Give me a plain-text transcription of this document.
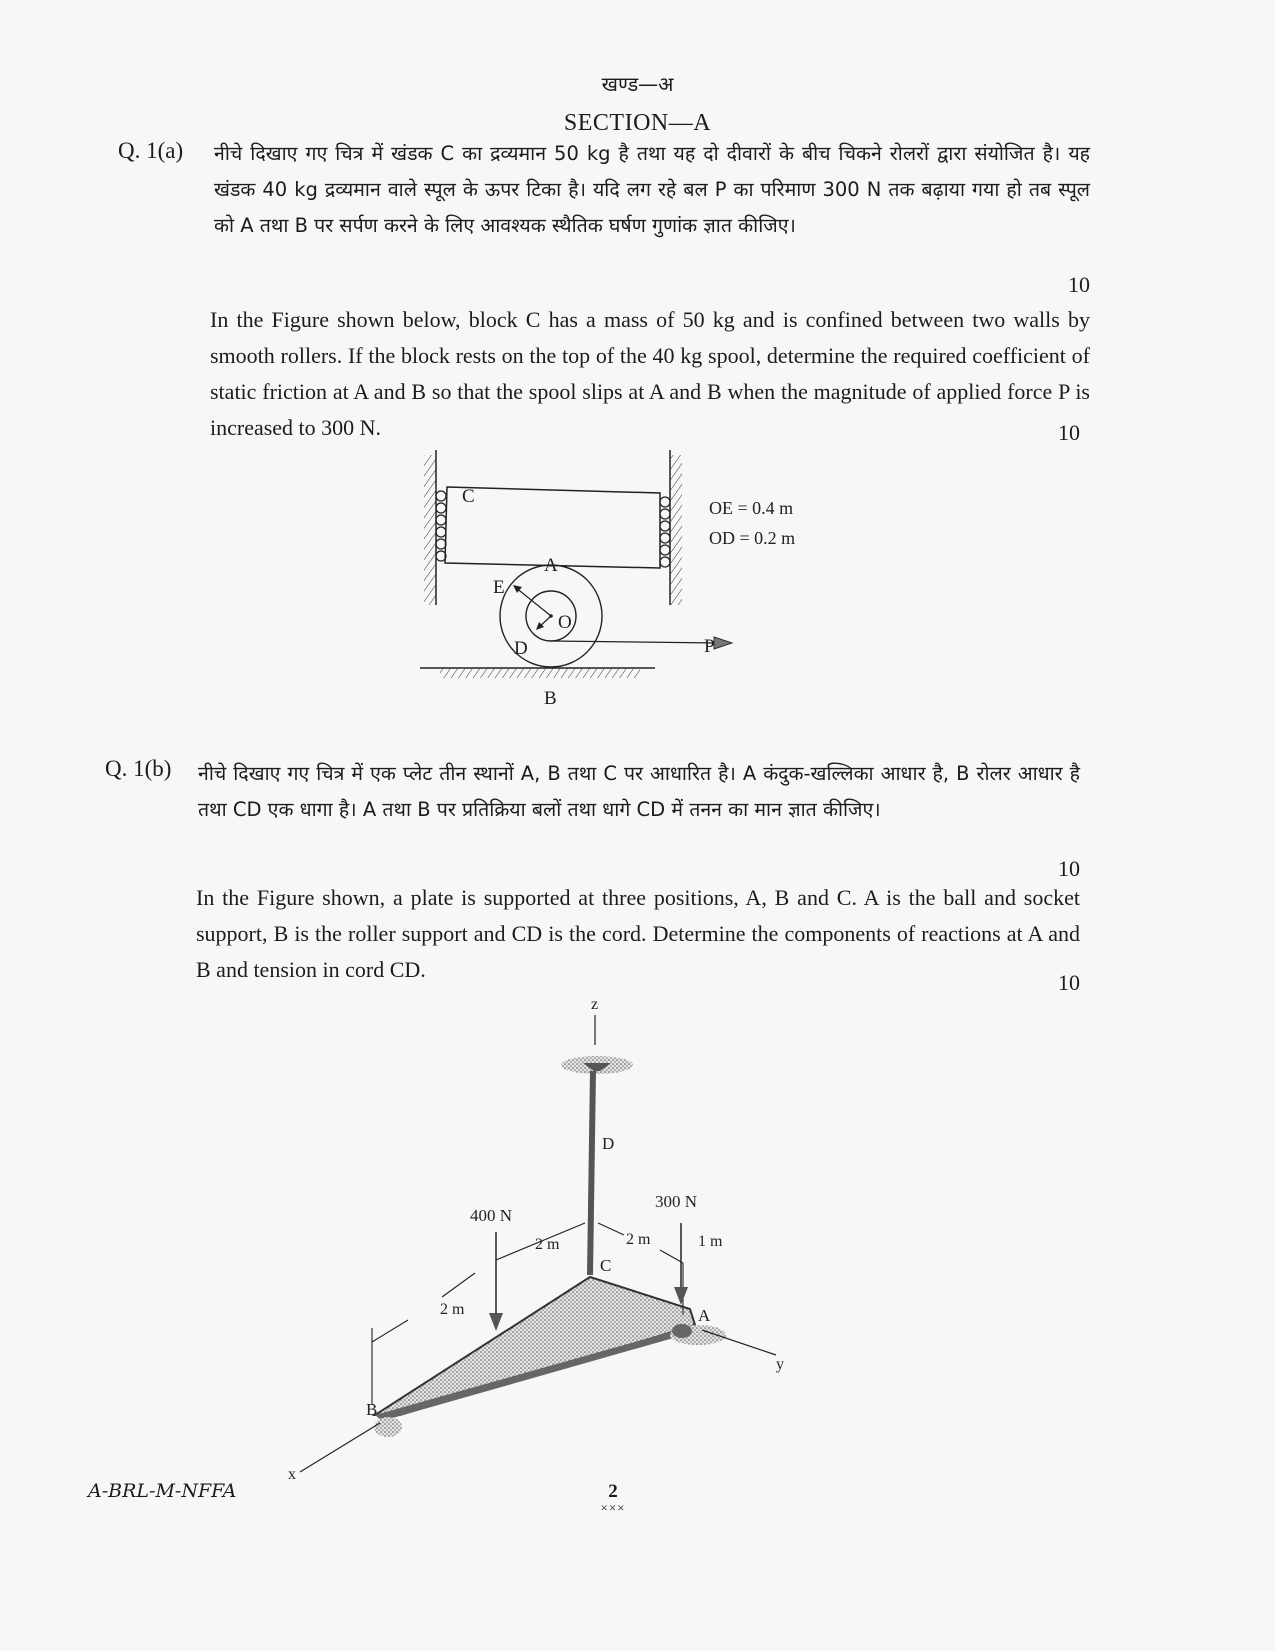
खण्ड—अ
SECTION—A
Q. 1(a) नीचे दिखाए गए चित्र में खंडक C का द्रव्यमान 50 kg है तथा यह दो दीवारों के बीच चिकने रोलरों द्वारा संयोजित है। यह खंडक 40 kg द्रव्यमान वाले स्पूल के ऊपर टिका है। यदि लग रहे बल P का परिमाण 300 N तक बढ़ाया गया हो तब स्पूल को A तथा B पर सर्पण करने के लिए आवश्यक स्थैतिक घर्षण गुणांक ज्ञात कीजिए।
10
In the Figure shown below, block C has a mass of 50 kg and is confined between two walls by smooth rollers. If the block rests on the top of the 40 kg spool, determine the required coefficient of static friction at A and B so that the spool slips at A and B when the magnitude of applied force P is increased to 300 N.	10
C
A
E
O
D	P
B
OE = 0.4 m
OD = 0.2 m
Q. 1(b) नीचे दिखाए गए चित्र में एक प्लेट तीन स्थानों A, B तथा C पर आधारित है। A कंदुक-खल्लिका आधार है, B रोलर आधार है तथा CD एक धागा है। A तथा B पर प्रतिक्रिया बलों तथा धागे CD में तनन का मान ज्ञात कीजिए।
10
In the Figure shown, a plate is supported at three positions, A, B and C. A is the ball and socket support, B is the roller support and CD is the cord. Determine the components of reactions at A and B and tension in cord CD.
10
z
D
x
y
C
A
B
400 N
300 N
2 m
2 m
2 m	1 m
A-BRL-M-NFFA	2
×××
